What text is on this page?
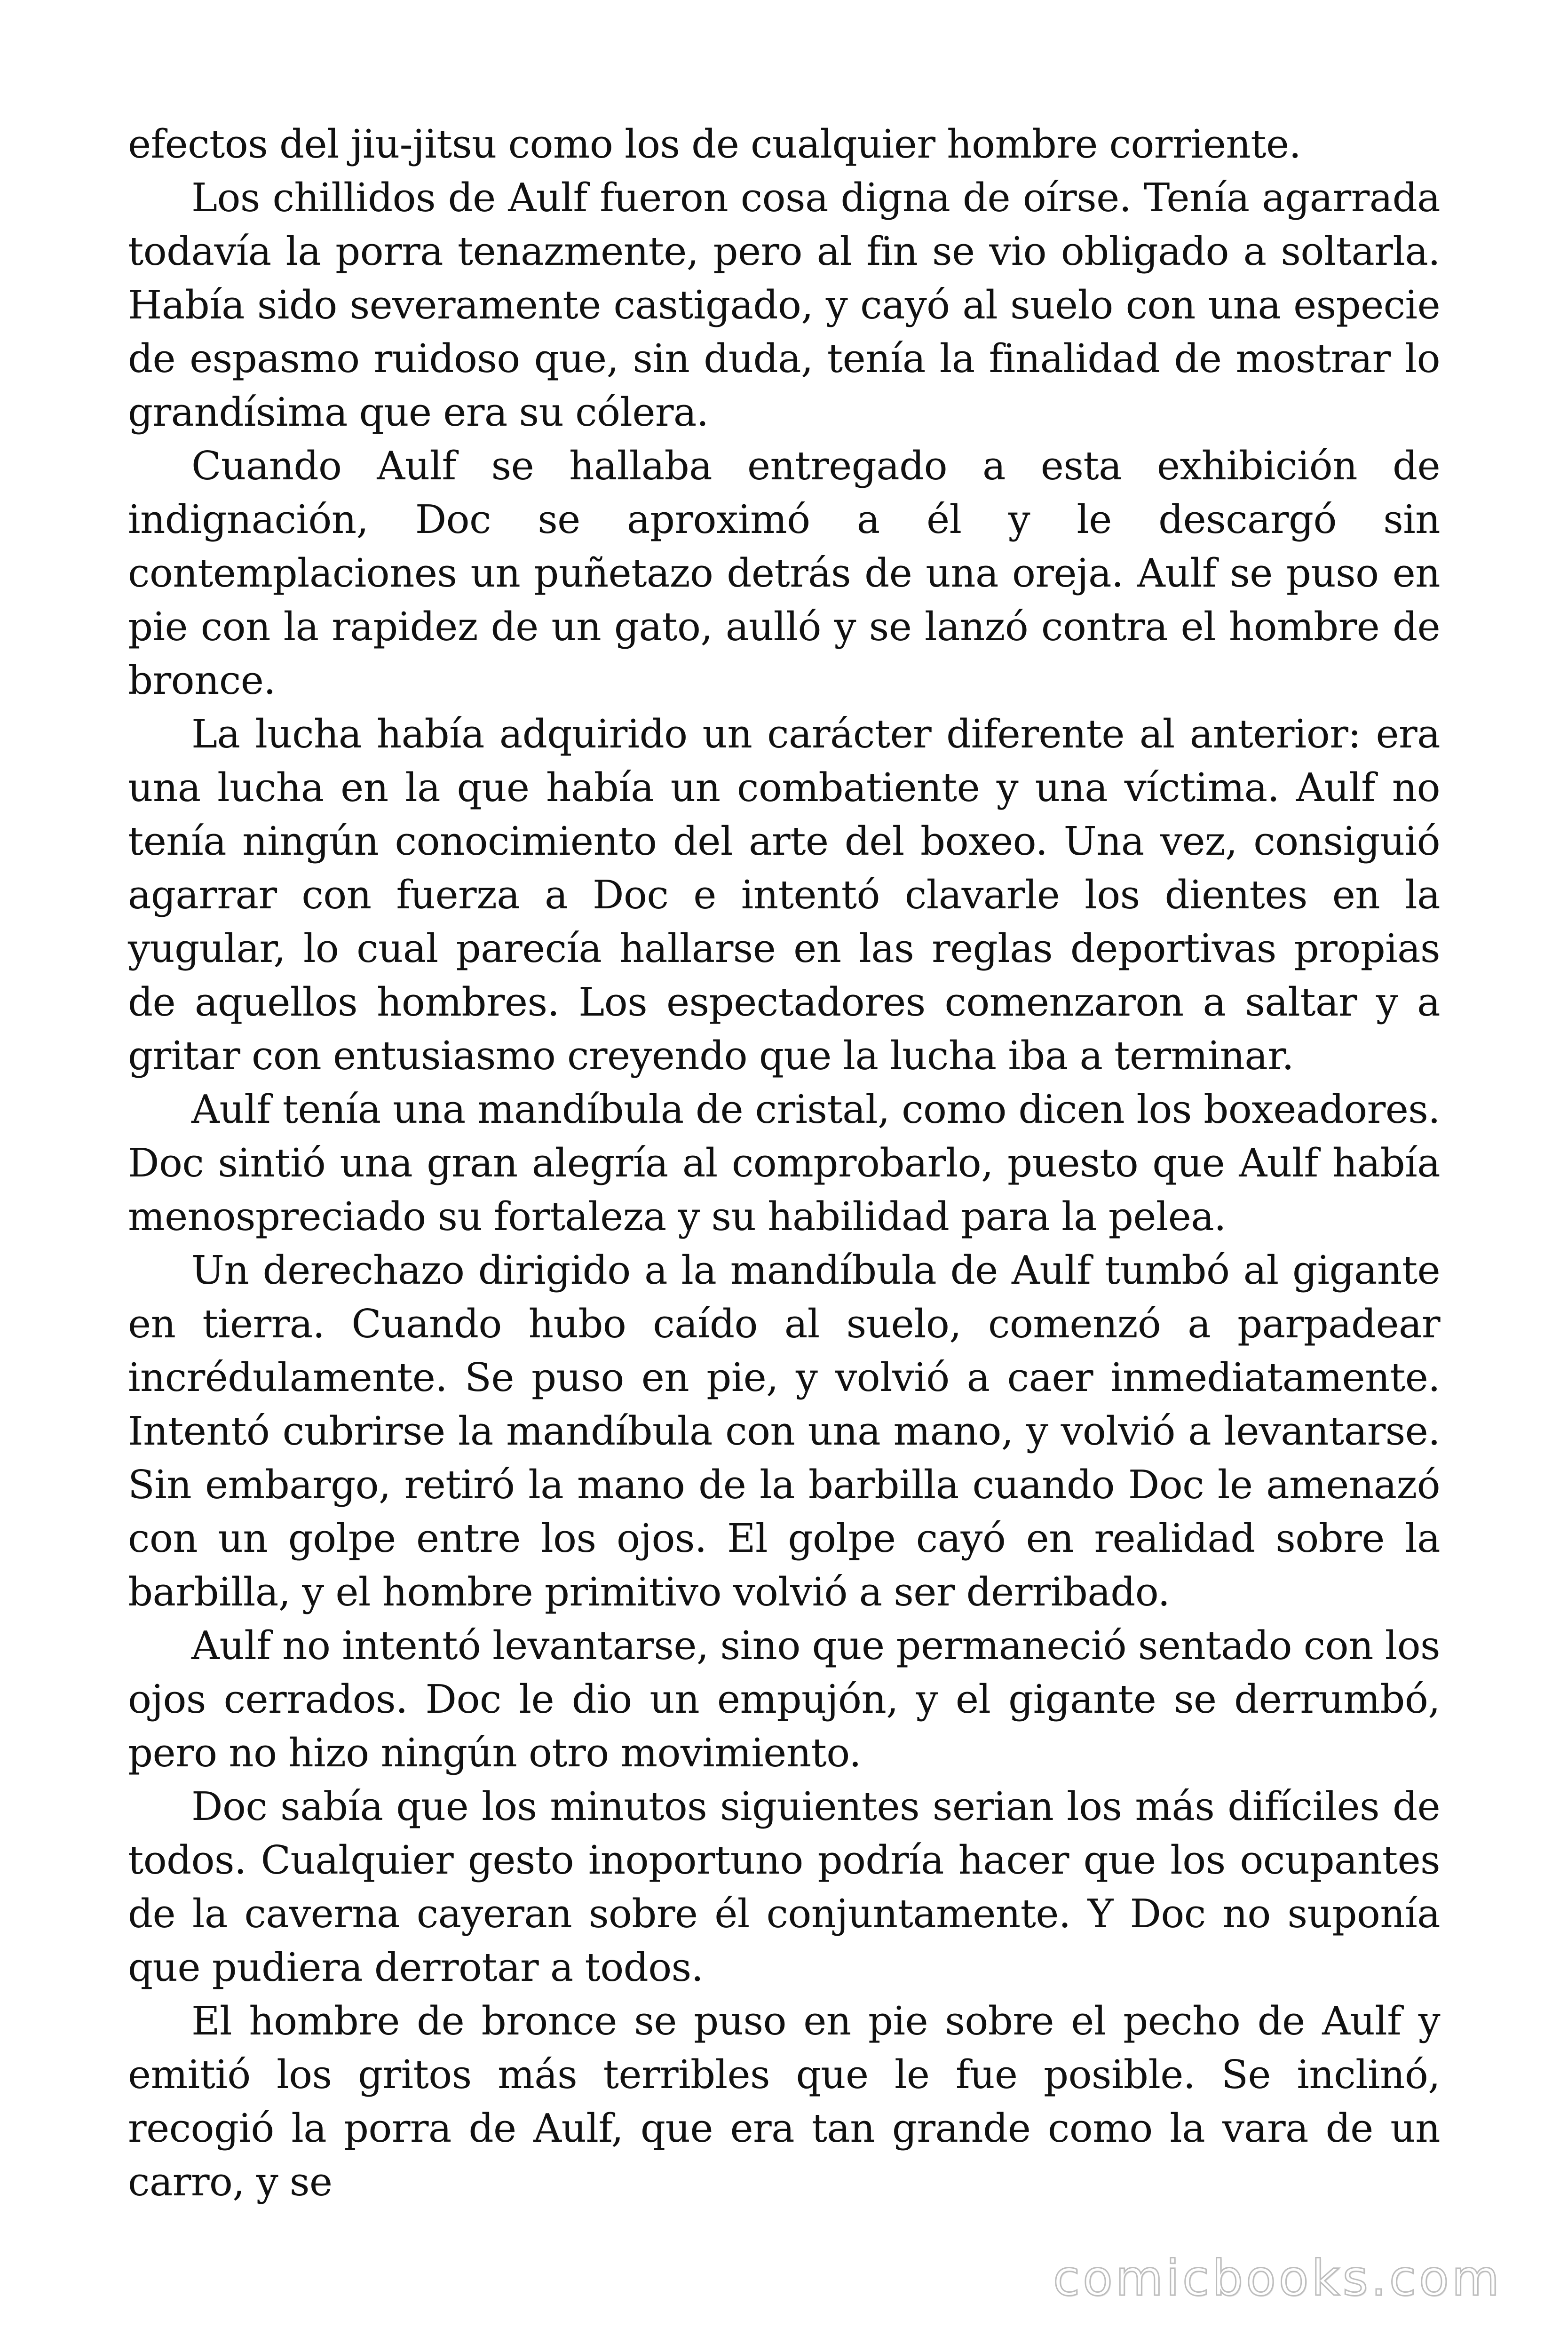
efectos del jiu-jitsu como los de cualquier hombre corriente.

Los chillidos de Aulf fueron cosa digna de oírse. Tenía agarrada todavía la porra tenazmente, pero al fin se vio obligado a soltarla. Había sido severamente castigado, y cayó al suelo con una especie de espasmo ruidoso que, sin duda, tenía la finalidad de mostrar lo grandísima que era su cólera.

Cuando Aulf se hallaba entregado a esta exhibición de indignación, Doc se aproximó a él y le descargó sin contemplaciones un puñetazo detrás de una oreja. Aulf se puso en pie con la rapidez de un gato, aulló y se lanzó contra el hombre de bronce.

La lucha había adquirido un carácter diferente al anterior: era una lucha en la que había un combatiente y una víctima. Aulf no tenía ningún conocimiento del arte del boxeo. Una vez, consiguió agarrar con fuerza a Doc e intentó clavarle los dientes en la yugular, lo cual parecía hallarse en las reglas deportivas propias de aquellos hombres. Los espectadores comenzaron a saltar y a gritar con entusiasmo creyendo que la lucha iba a terminar.

Aulf tenía una mandíbula de cristal, como dicen los boxeadores. Doc sintió una gran alegría al comprobarlo, puesto que Aulf había menospreciado su fortaleza y su habilidad para la pelea.

Un derechazo dirigido a la mandíbula de Aulf tumbó al gigante en tierra. Cuando hubo caído al suelo, comenzó a parpadear incrédulamente. Se puso en pie, y volvió a caer inmediatamente. Intentó cubrirse la mandíbula con una mano, y volvió a levantarse. Sin embargo, retiró la mano de la barbilla cuando Doc le amenazó con un golpe entre los ojos. El golpe cayó en realidad sobre la barbilla, y el hombre primitivo volvió a ser derribado.

Aulf no intentó levantarse, sino que permaneció sentado con los ojos cerrados. Doc le dio un empujón, y el gigante se derrumbó, pero no hizo ningún otro movimiento.

Doc sabía que los minutos siguientes serian los más difíciles de todos. Cualquier gesto inoportuno podría hacer que los ocupantes de la caverna cayeran sobre él conjuntamente. Y Doc no suponía que pudiera derrotar a todos.

El hombre de bronce se puso en pie sobre el pecho de Aulf y emitió los gritos más terribles que le fue posible. Se inclinó, recogió la porra de Aulf, que era tan grande como la vara de un carro, y se

comicbooks.com
